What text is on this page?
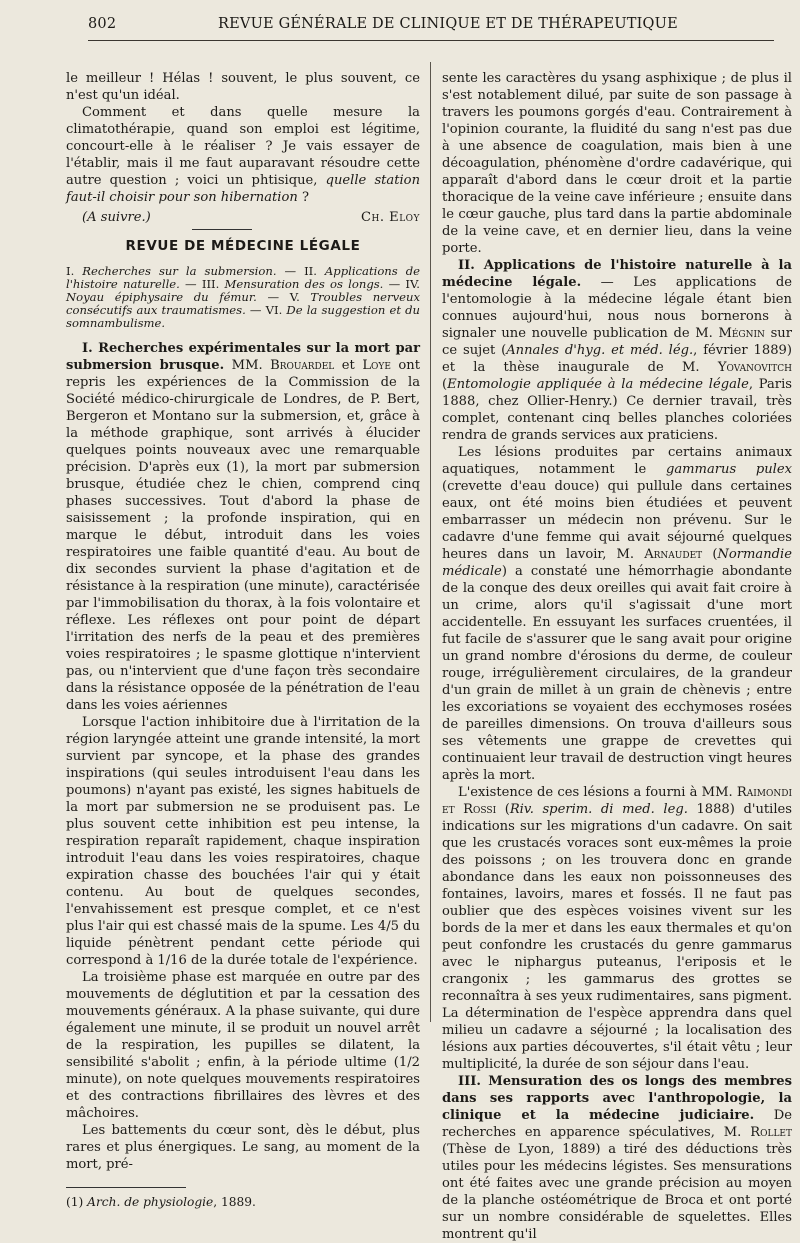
802	REVUE GÉNÉRALE DE CLINIQUE ET DE THÉRAPEUTIQUE

le meilleur ! Hélas ! souvent, le plus souvent, ce n'est qu'un idéal.

Comment et dans quelle mesure la climatothérapie, quand son emploi est légitime, concourt-elle à le réaliser ? Je vais essayer de l'établir, mais il me faut auparavant résoudre cette autre question ; voici un phtisique, quelle station faut-il choisir pour son hibernation ?

(A suivre.)	Ch. Eloy
REVUE DE MÉDECINE LÉGALE
I. Recherches sur la submersion. — II. Applications de l'histoire naturelle. — III. Mensuration des os longs. — IV. Noyau épiphysaire du fémur. — V. Troubles nerveux consécutifs aux traumatismes. — VI. De la suggestion et du somnambulisme.

I. Recherches expérimentales sur la mort par submersion brusque. MM. Brouardel et Loye ont repris les expériences de la Commission de la Société médico-chirurgicale de Londres, de P. Bert, Bergeron et Montano sur la submersion, et, grâce à la méthode graphique, sont arrivés à élucider quelques points nouveaux avec une remarquable précision. D'après eux (1), la mort par submersion brusque, étudiée chez le chien, comprend cinq phases successives. Tout d'abord la phase de saisissement ; la profonde inspiration, qui en marque le début, introduit dans les voies respiratoires une faible quantité d'eau. Au bout de dix secondes survient la phase d'agitation et de résistance à la respiration (une minute), caractérisée par l'immobilisation du thorax, à la fois volontaire et réflexe. Les réflexes ont pour point de départ l'irritation des nerfs de la peau et des premières voies respiratoires ; le spasme glottique n'intervient pas, ou n'intervient que d'une façon très secondaire dans la résistance opposée de la pénétration de l'eau dans les voies aériennes

Lorsque l'action inhibitoire due à l'irritation de la région laryngée atteint une grande intensité, la mort survient par syncope, et la phase des grandes inspirations (qui seules introduisent l'eau dans les poumons) n'ayant pas existé, les signes habituels de la mort par submersion ne se produisent pas. Le plus souvent cette inhibition est peu intense, la respiration reparaît rapidement, chaque inspiration introduit l'eau dans les voies respiratoires, chaque expiration chasse des bouchées l'air qui y était contenu. Au bout de quelques secondes, l'envahissement est presque complet, et ce n'est plus l'air qui est chassé mais de la spume. Les 4/5 du liquide pénètrent pendant cette période qui correspond à 1/16 de la durée totale de l'expérience.

La troisième phase est marquée en outre par des mouvements de déglutition et par la cessation des mouvements généraux. A la phase suivante, qui dure également une minute, il se produit un nouvel arrêt de la respiration, les pupilles se dilatent, la sensibilité s'abolit ; enfin, à la période ultime (1/2 minute), on note quelques mouvements respiratoires et des contractions fibrillaires des lèvres et des mâchoires.

Les battements du cœur sont, dès le début, plus rares et plus énergiques. Le sang, au moment de la mort, pré-

(1) Arch. de physiologie, 1889.

sente les caractères du ysang asphixique ; de plus il s'est notablement dilué, par suite de son passage à travers les poumons gorgés d'eau. Contrairement à l'opinion courante, la fluidité du sang n'est pas due à une absence de coagulation, mais bien à une décoagulation, phénomène d'ordre cadavérique, qui apparaît d'abord dans le cœur droit et la partie thoracique de la veine cave inférieure ; ensuite dans le cœur gauche, plus tard dans la partie abdominale de la veine cave, et en dernier lieu, dans la veine porte.

II. Applications de l'histoire naturelle à la médecine légale. — Les applications de l'entomologie à la médecine légale étant bien connues aujourd'hui, nous nous bornerons à signaler une nouvelle publication de M. Mégnin sur ce sujet (Annales d'hyg. et méd. lég., février 1889) et la thèse inaugurale de M. Yovanovitch (Entomologie appliquée à la médecine légale, Paris 1888, chez Ollier-Henry.) Ce dernier travail, très complet, contenant cinq belles planches coloriées rendra de grands services aux praticiens.

Les lésions produites par certains animaux aquatiques, notamment le gammarus pulex (crevette d'eau douce) qui pullule dans certaines eaux, ont été moins bien étudiées et peuvent embarrasser un médecin non prévenu. Sur le cadavre d'une femme qui avait séjourné quelques heures dans un lavoir, M. Arnaudet (Normandie médicale) a constaté une hémorrhagie abondante de la conque des deux oreilles qui avait fait croire à un crime, alors qu'il s'agissait d'une mort accidentelle. En essuyant les surfaces cruentées, il fut facile de s'assurer que le sang avait pour origine un grand nombre d'érosions du derme, de couleur rouge, irrégulièrement circulaires, de la grandeur d'un grain de millet à un grain de chènevis ; entre les excoriations se voyaient des ecchymoses rosées de pareilles dimensions. On trouva d'ailleurs sous ses vêtements une grappe de crevettes qui continuaient leur travail de destruction vingt heures après la mort.

L'existence de ces lésions a fourni à MM. Raimondi et Rossi (Riv. sperim. di med. leg. 1888) d'utiles indications sur les migrations d'un cadavre. On sait que les crustacés voraces sont eux-mêmes la proie des poissons ; on les trouvera donc en grande abondance dans les eaux non poissonneuses des fontaines, lavoirs, mares et fossés. Il ne faut pas oublier que des espèces voisines vivent sur les bords de la mer et dans les eaux thermales et qu'on peut confondre les crustacés du genre gammarus avec le niphargus puteanus, l'eriposis et le crangonix ; les gammarus des grottes se reconnaîtra à ses yeux rudimentaires, sans pigment. La détermination de l'espèce apprendra dans quel milieu un cadavre a séjourné ; la localisation des lésions aux parties découvertes, s'il était vêtu ; leur multiplicité, la durée de son séjour dans l'eau.

III. Mensuration des os longs des membres dans ses rapports avec l'anthropologie, la clinique et la médecine judiciaire. De recherches en apparence spéculatives, M. Rollet (Thèse de Lyon, 1889) a tiré des déductions très utiles pour les médecins légistes. Ses mensurations ont été faites avec une grande précision au moyen de la planche ostéométrique de Broca et ont porté sur un nombre considérable de squelettes. Elles montrent qu'il
